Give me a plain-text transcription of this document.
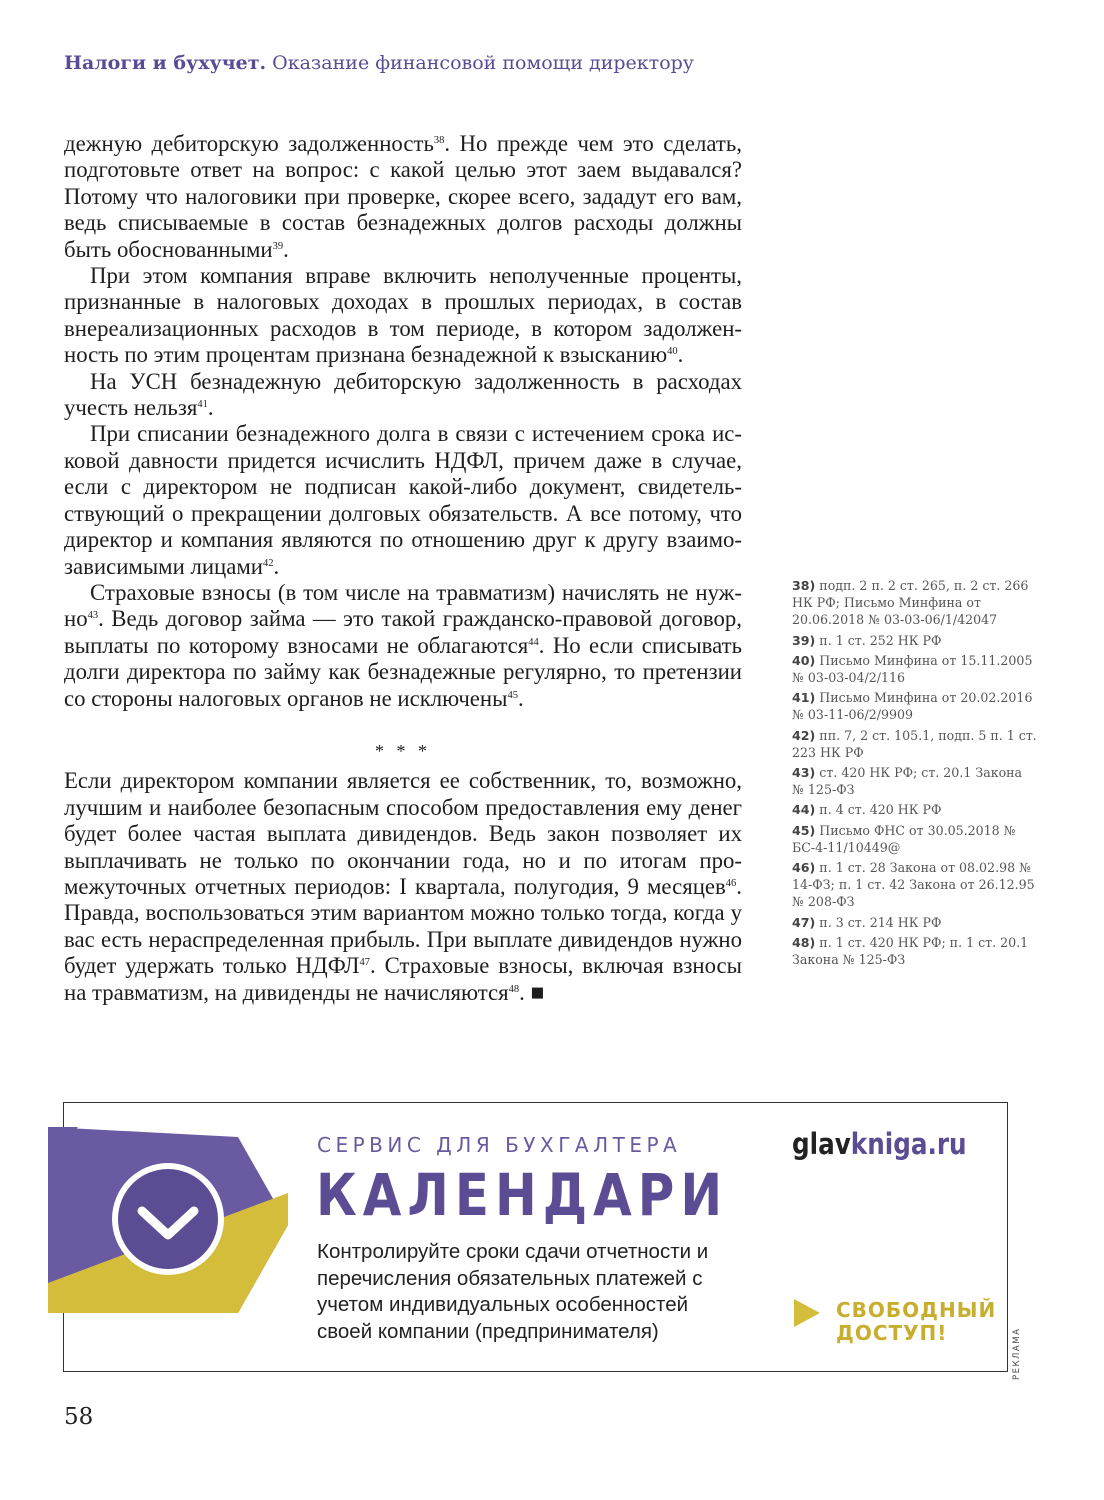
Налоги и бухучет. Оказание финансовой помощи директору

дежную дебиторскую задолженность$^{38}$. Но прежде чем это сделать, подготовьте ответ на вопрос: с какой целью этот заем выдавался? Потому что налоговики при проверке, скорее всего, зададут его вам, ведь списываемые в состав безнадежных долгов расходы должны быть обоснованными$^{39}$.

При этом компания вправе включить неполученные проценты, признанные в налоговых доходах в прошлых периодах, в состав внереализационных расходов в том периоде, в котором задолженность по этим процентам признана безнадежной к взысканию$^{40}$.

На УСН безнадежную дебиторскую задолженность в расходах учесть нельзя$^{41}$.

При списании безнадежного долга в связи с истечением срока исковой давности придется исчислить НДФЛ, причем даже в случае, если с директором не подписан какой-либо документ, свидетельствующий о прекращении долговых обязательств. А все потому, что директор и компания являются по отношению друг к другу взаимозависимыми лицами$^{42}$.

Страховые взносы (в том числе на травматизм) начислять не нужно$^{43}$. Ведь договор займа — это такой гражданско-правовой договор, выплаты по которому взносами не облагаются$^{44}$. Но если списывать долги директора по займу как безнадежные регулярно, то претензии со стороны налоговых органов не исключены$^{45}$.

* * *

Если директором компании является ее собственник, то, возможно, лучшим и наиболее безопасным способом предоставления ему денег будет более частая выплата дивидендов. Ведь закон позволяет их выплачивать не только по окончании года, но и по итогам промежуточных отчетных периодов: I квартала, полугодия, 9 месяцев$^{46}$. Правда, воспользоваться этим вариантом можно только тогда, когда у вас есть нераспределенная прибыль. При выплате дивидендов нужно будет удержать только НДФЛ$^{47}$. Страховые взносы, включая взносы на травматизм, на дивиденды не начисляются$^{48}$. ■

38) подп. 2 п. 2 ст. 265, п. 2 ст. 266 НК РФ; Письмо Минфина от 20.06.2018 № 03-03-06/1/42047
39) п. 1 ст. 252 НК РФ
40) Письмо Минфина от 15.11.2005 № 03-03-04/2/116
41) Письмо Минфина от 20.02.2016 № 03-11-06/2/9909
42) пп. 7, 2 ст. 105.1, подп. 5 п. 1 ст. 223 НК РФ
43) ст. 420 НК РФ; ст. 20.1 Закона № 125-ФЗ
44) п. 4 ст. 420 НК РФ
45) Письмо ФНС от 30.05.2018 № БС-4-11/10449@
46) п. 1 ст. 28 Закона от 08.02.98 № 14-ФЗ; п. 1 ст. 42 Закона от 26.12.95 № 208-ФЗ
47) п. 3 ст. 214 НК РФ
48) п. 1 ст. 420 НК РФ; п. 1 ст. 20.1 Закона № 125-ФЗ
СЕРВИС ДЛЯ БУХГАЛТЕРА
КАЛЕНДАРИ
Контролируйте сроки сдачи отчетности и перечисления обязательных платежей с учетом индивидуальных особенностей своей компании (предпринимателя)
glavkniga.ru
СВОБОДНЫЙ
ДОСТУП!	РЕКЛАМА
58
